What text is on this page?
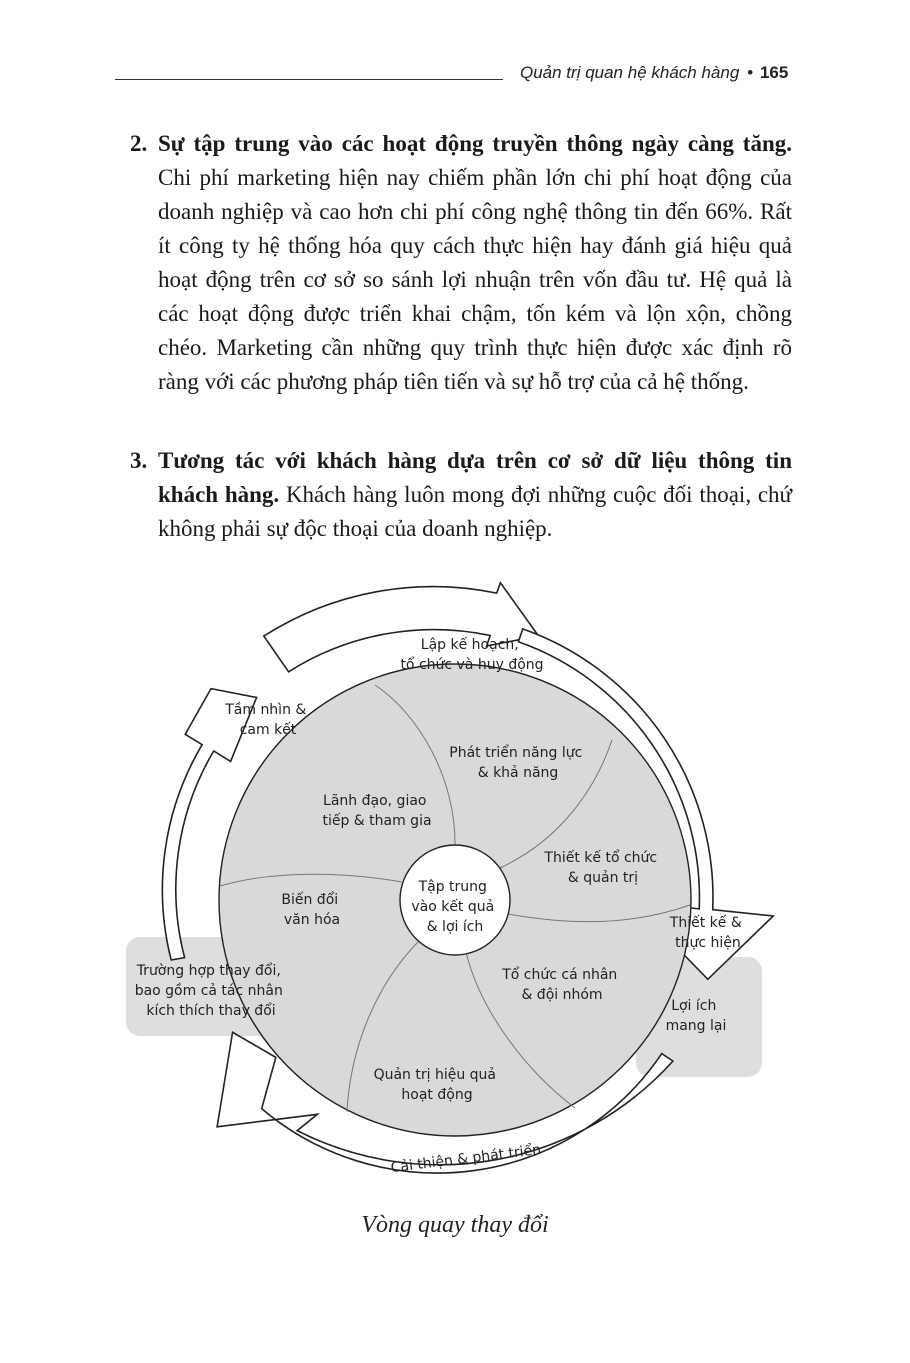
Quản trị quan hệ khách hàng • 165
2. Sự tập trung vào các hoạt động truyền thông ngày càng tăng. Chi phí marketing hiện nay chiếm phần lớn chi phí hoạt động của doanh nghiệp và cao hơn chi phí công nghệ thông tin đến 66%. Rất ít công ty hệ thống hóa quy cách thực hiện hay đánh giá hiệu quả hoạt động trên cơ sở so sánh lợi nhuận trên vốn đầu tư. Hệ quả là các hoạt động được triển khai chậm, tốn kém và lộn xộn, chồng chéo. Marketing cần những quy trình thực hiện được xác định rõ ràng với các phương pháp tiên tiến và sự hỗ trợ của cả hệ thống.

3. Tương tác với khách hàng dựa trên cơ sở dữ liệu thông tin khách hàng. Khách hàng luôn mong đợi những cuộc đối thoại, chứ không phải sự độc thoại của doanh nghiệp.

Tập trung vào kết quả & lợi ích
Phát triển năng lực & khả năng
Lãnh đạo, giao tiếp & tham gia
Thiết kế tổ chức & quản trị
Biến đổi văn hóa
Tổ chức cá nhân & đội nhóm
Quản trị hiệu quả hoạt động
Tầm nhìn & cam kết
Lập kế hoạch, tổ chức và huy động
Thiết kế & thực hiện
Trường hợp thay đổi, bao gồm cả tác nhân kích thích thay đổi	Lợi ích mang lại
Cải thiện & phát triển
Vòng quay thay đổi
